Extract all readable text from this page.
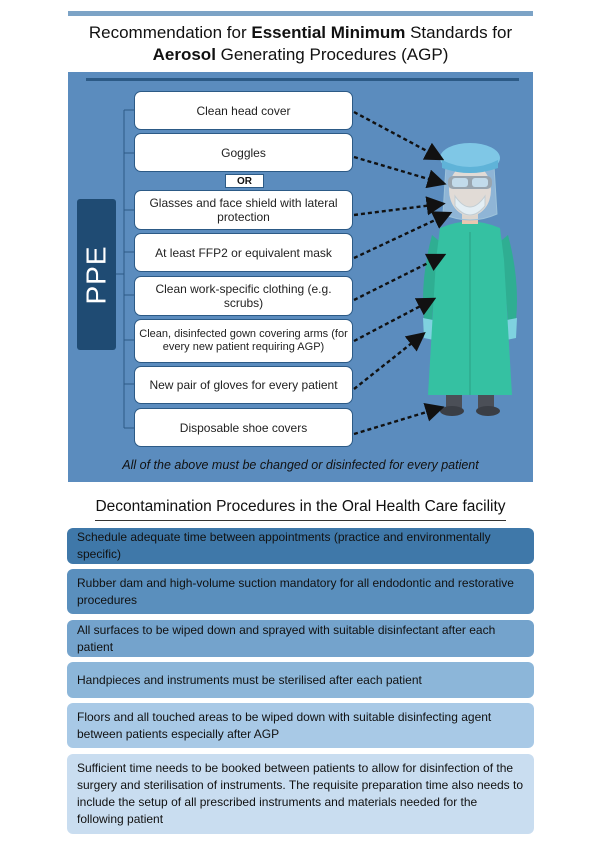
Recommendation for Essential Minimum Standards for
Aerosol Generating Procedures (AGP)
PPE
Clean head cover
Goggles
OR
Glasses and face shield with lateral protection
At least FFP2 or equivalent mask
Clean work-specific clothing (e.g. scrubs)
Clean, disinfected gown covering arms (for every new patient requiring AGP)
New pair of gloves for every patient
Disposable shoe covers
All of the above must be changed or disinfected for every patient
Decontamination Procedures in the Oral Health Care facility
Schedule adequate time between appointments (practice and environmentally specific)
Rubber dam and high-volume suction mandatory for all endodontic and restorative procedures
All surfaces to be wiped down and sprayed with suitable disinfectant after each patient
Handpieces and instruments must be sterilised after each patient
Floors and all touched areas to be wiped down with suitable disinfecting agent between patients especially after AGP
Sufficient time needs to be booked between patients to allow for disinfection of the surgery and sterilisation of instruments. The requisite preparation time also needs to include the setup of all prescribed instruments and materials needed for the following patient
